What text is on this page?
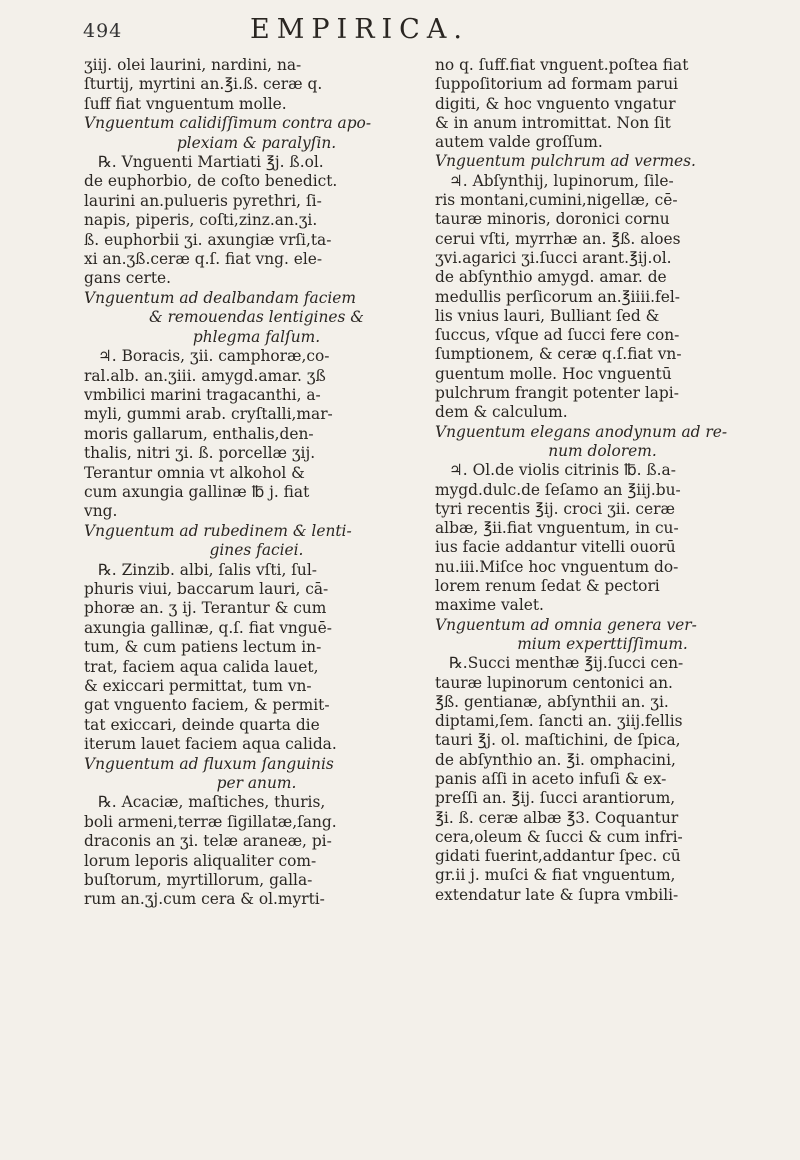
494	EMPIRICA.
ʒiij. olei laurini, nardini, na-
ſturtij, myrtini an.℥i.ß. ceræ q.
ſuff fiat vnguentum molle.
Vnguentum calidiſſimum contra apo-
plexiam & paralyſin.
℞. Vnguenti Martiati ℥j. ß.ol.
de euphorbio, de coſto benedict.
laurini an.pulueris pyrethri, ſi-
napis, piperis, coſti,zinz.an.ʒi.
ß. euphorbii ʒi. axungiæ vrſi,ta-
xi an.ʒß.ceræ q.ſ. fiat vng. ele-
gans certe.
Vnguentum ad dealbandam faciem
& remouendas lentigines &
phlegma falſum.
♃. Boracis, ʒii. camphoræ,co-
ral.alb. an.ʒiii. amygd.amar. ʒß
vmbilici marini tragacanthi, a-
myli, gummi arab. cryſtalli,mar-
moris gallarum, enthalis,den-
thalis, nitri ʒi. ß. porcellæ ʒij.
Terantur omnia vt alkohol &
cum axungia gallinæ ℔ j. fiat
vng.
Vnguentum ad rubedinem & lenti-
gines faciei.
℞. Zinzib. albi, ſalis vſti, ſul-
phuris viui, baccarum lauri, cā-
phoræ an. ʒ ij. Terantur & cum
axungia gallinæ, q.ſ. fiat vnguē-
tum, & cum patiens lectum in-
trat, faciem aqua calida lauet,
& exiccari permittat, tum vn-
gat vnguento faciem, & permit-
tat exiccari, deinde quarta die
iterum lauet faciem aqua calida.
Vnguentum ad fluxum ſanguinis
per anum.
℞. Acaciæ, maſtiches, thuris,
boli armeni,terræ ſigillatæ,ſang.
draconis an ʒi. telæ araneæ, pi-
lorum leporis aliqualiter com-
buſtorum, myrtillorum, galla-
rum an.ʒj.cum cera & ol.myrti-
no q. ſuff.fiat vnguent.poſtea fiat
ſuppoſitorium ad formam parui
digiti, & hoc vnguento vngatur
& in anum intromittat. Non ſit
autem valde groſſum.
Vnguentum pulchrum ad vermes.
♃. Abſynthij, lupinorum, ſile-
ris montani,cumini,nigellæ, cē-
tauræ minoris, doronici cornu
cerui vſti, myrrhæ an. ℥ß. aloes
ʒvi.agarici ʒi.ſucci arant.℥ij.ol.
de abſynthio amygd. amar. de
medullis perſicorum an.℥iiii.fel-
lis vnius lauri, Bulliant ſed &
ſuccus, vſque ad ſucci fere con-
ſumptionem, & ceræ q.ſ.fiat vn-
guentum molle. Hoc vnguentū
pulchrum frangit potenter lapi-
dem & calculum.
Vnguentum elegans anodynum ad re-
num dolorem.
♃. Ol.de violis citrinis ℔. ß.a-
mygd.dulc.de ſeſamo an ℥iij.bu-
tyri recentis ℥ij. croci ʒii. ceræ
albæ, ℥ii.fiat vnguentum, in cu-
ius facie addantur vitelli ouorū
nu.iii.Miſce hoc vnguentum do-
lorem renum ſedat & pectori
maxime valet.
Vnguentum ad omnia genera ver-
mium experttiſſimum.
℞.Succi menthæ ℥ij.ſucci cen-
tauræ lupinorum centonici an.
℥ß. gentianæ, abſynthii an. ʒi.
diptami,ſem. ſancti an. ʒiij.fellis
tauri ℥j. ol. maſtichini, de ſpica,
de abſynthio an. ℥i. omphacini,
panis aſſi in aceto infuſi & ex-
preſſi an. ℥ij. ſucci arantiorum,
℥i. ß. ceræ albæ ℥3. Coquantur
cera,oleum & ſucci & cum infri-
gidati fuerint,addantur ſpec. cū
gr.ii j. muſci & fiat vnguentum,
extendatur late & ſupra vmbili-
